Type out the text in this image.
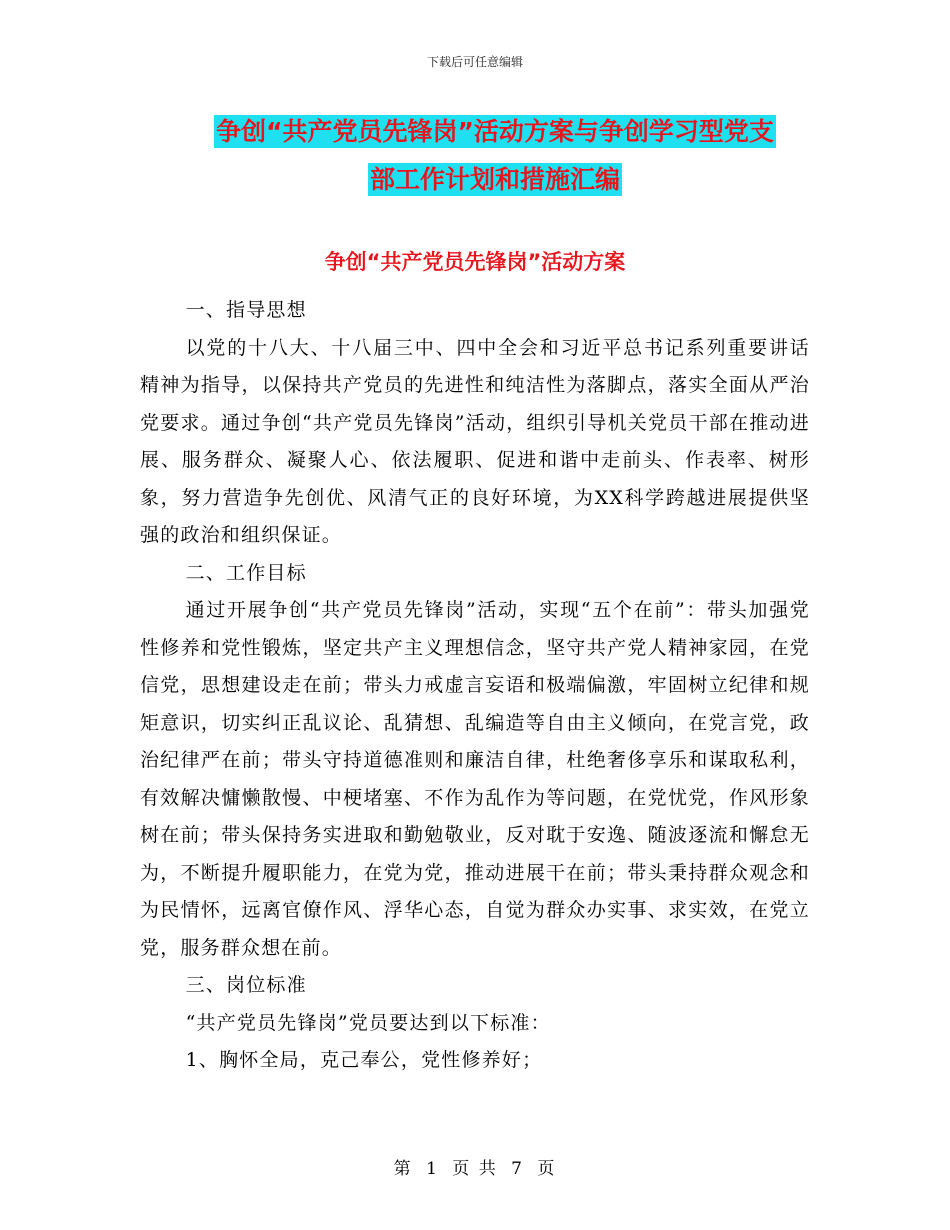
下载后可任意编辑
争创“共产党员先锋岗”活动方案与争创学习型党支
部工作计划和措施汇编
争创“共产党员先锋岗”活动方案

一、指导思想

以党的十八大、十八届三中、四中全会和习近平总书记系列重要讲话精神为指导，以保持共产党员的先进性和纯洁性为落脚点，落实全面从严治党要求。通过争创“共产党员先锋岗”活动，组织引导机关党员干部在推动进展、服务群众、凝聚人心、依法履职、促进和谐中走前头、作表率、树形象，努力营造争先创优、风清气正的良好环境，为XX科学跨越进展提供坚强的政治和组织保证。

二、工作目标

通过开展争创“共产党员先锋岗”活动，实现“五个在前”：带头加强党性修养和党性锻炼，坚定共产主义理想信念，坚守共产党人精神家园，在党信党，思想建设走在前；带头力戒虚言妄语和极端偏激，牢固树立纪律和规矩意识，切实纠正乱议论、乱猜想、乱编造等自由主义倾向，在党言党，政治纪律严在前；带头守持道德准则和廉洁自律，杜绝奢侈享乐和谋取私利，有效解决慵懒散慢、中梗堵塞、不作为乱作为等问题，在党忧党，作风形象树在前；带头保持务实进取和勤勉敬业，反对耽于安逸、随波逐流和懈怠无为，不断提升履职能力，在党为党，推动进展干在前；带头秉持群众观念和为民情怀，远离官僚作风、浮华心态，自觉为群众办实事、求实效，在党立党，服务群众想在前。

三、岗位标准

“共产党员先锋岗”党员要达到以下标准：

1、胸怀全局，克己奉公，党性修养好；

第 1 页 共 7 页
